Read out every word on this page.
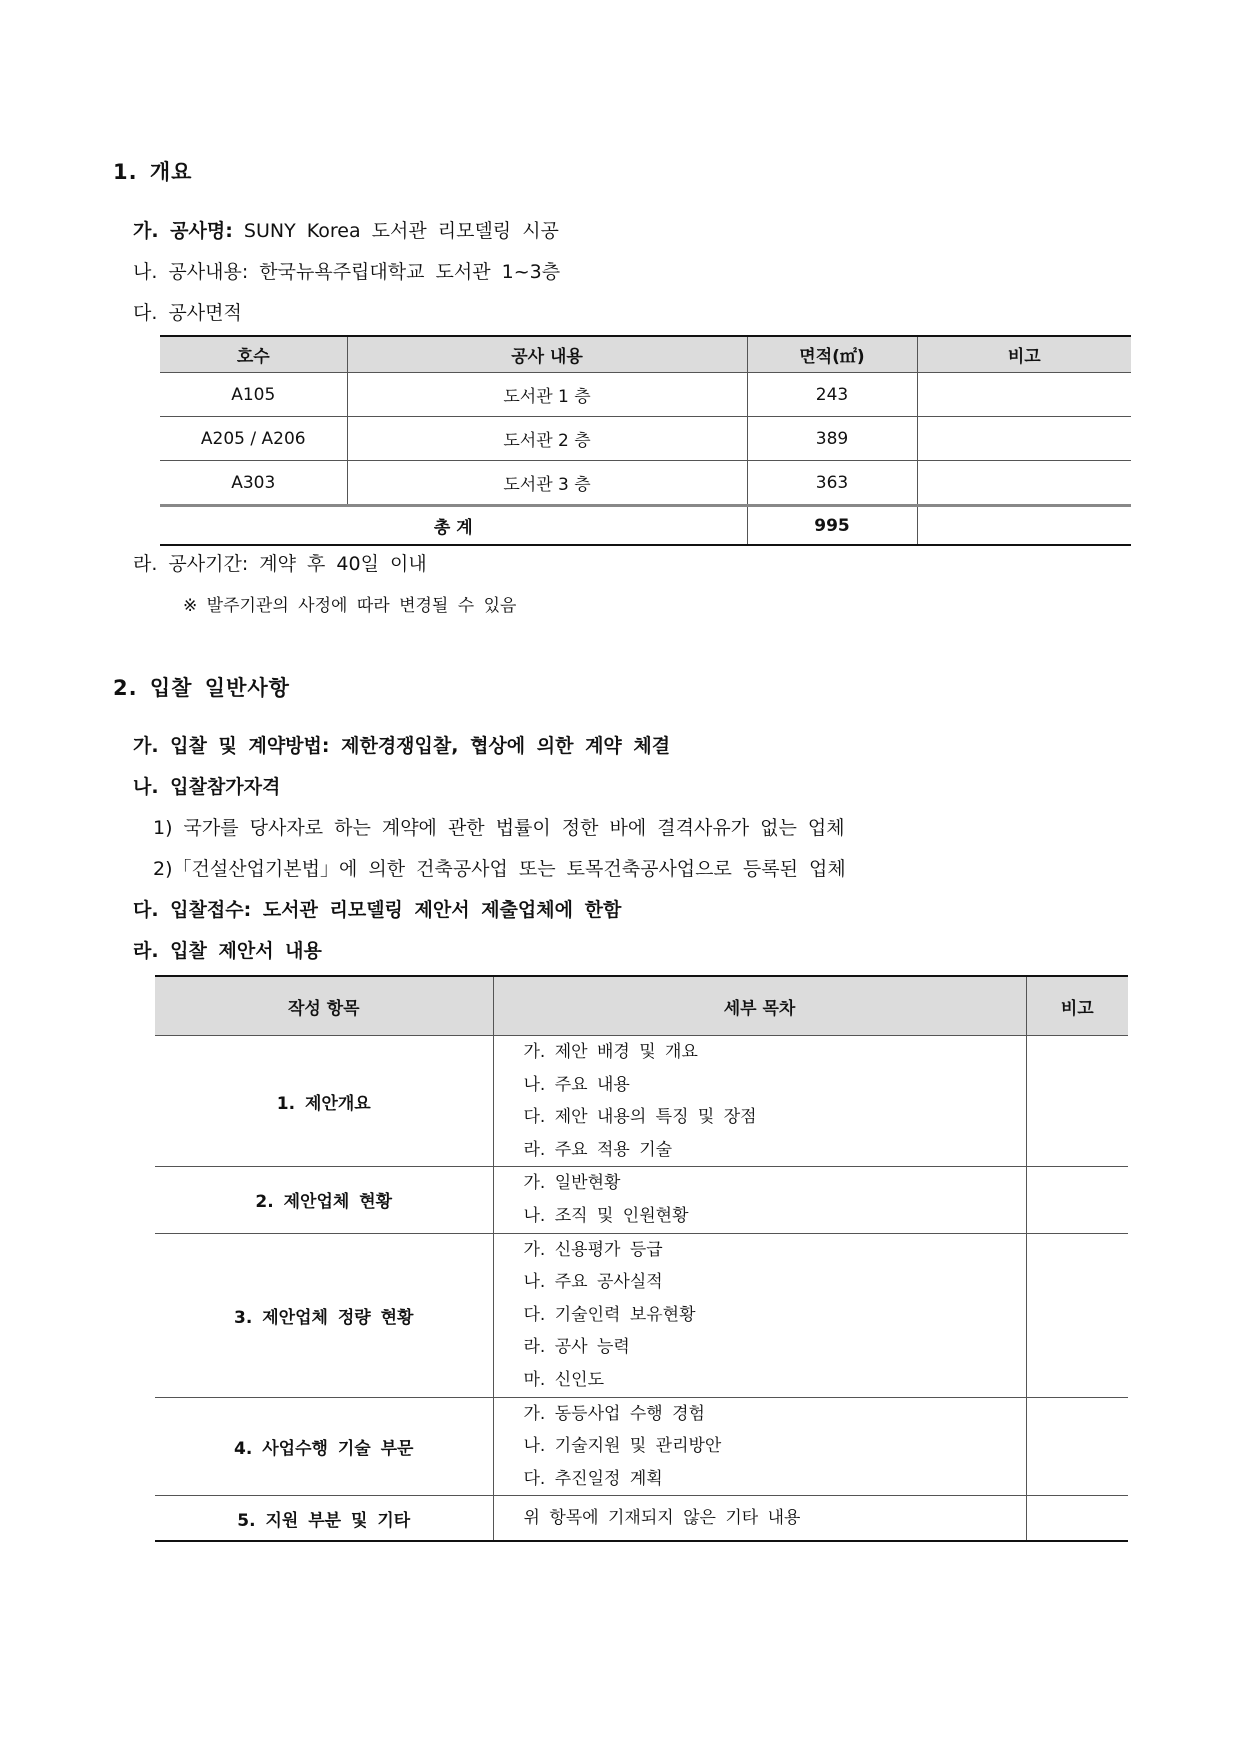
1. 개요
가. 공사명: SUNY Korea 도서관 리모델링 시공
나. 공사내용: 한국뉴욕주립대학교 도서관 1~3층
다. 공사면적
호수	공사 내용	면적(㎡)	비고
A105	도서관 1 층	243	
A205 / A206	도서관 2 층	389	
A303	도서관 3 층	363	
총 계		995	
라. 공사기간: 계약 후 40일 이내
※ 발주기관의 사정에 따라 변경될 수 있음
2. 입찰 일반사항
가. 입찰 및 계약방법: 제한경쟁입찰, 협상에 의한 계약 체결
나. 입찰참가자격
1) 국가를 당사자로 하는 계약에 관한 법률이 정한 바에 결격사유가 없는 업체
2)「건설산업기본법」에 의한 건축공사업 또는 토목건축공사업으로 등록된 업체
다. 입찰접수: 도서관 리모델링 제안서 제출업체에 한함
라. 입찰 제안서 내용
작성 항목	세부 목차	비고
1. 제안개요	가. 제안 배경 및 개요
나. 주요 내용
다. 제안 내용의 특징 및 장점
라. 주요 적용 기술	

2. 제안업체 현황	가. 일반현황
나. 조직 및 인원현황	

3. 제안업체 정량 현황	가. 신용평가 등급
나. 주요 공사실적
다. 기술인력 보유현황
라. 공사 능력
마. 신인도	

4. 사업수행 기술 부문	가. 동등사업 수행 경험
나. 기술지원 및 관리방안
다. 추진일정 계획	

5. 지원 부분 및 기타	위 항목에 기재되지 않은 기타 내용	
